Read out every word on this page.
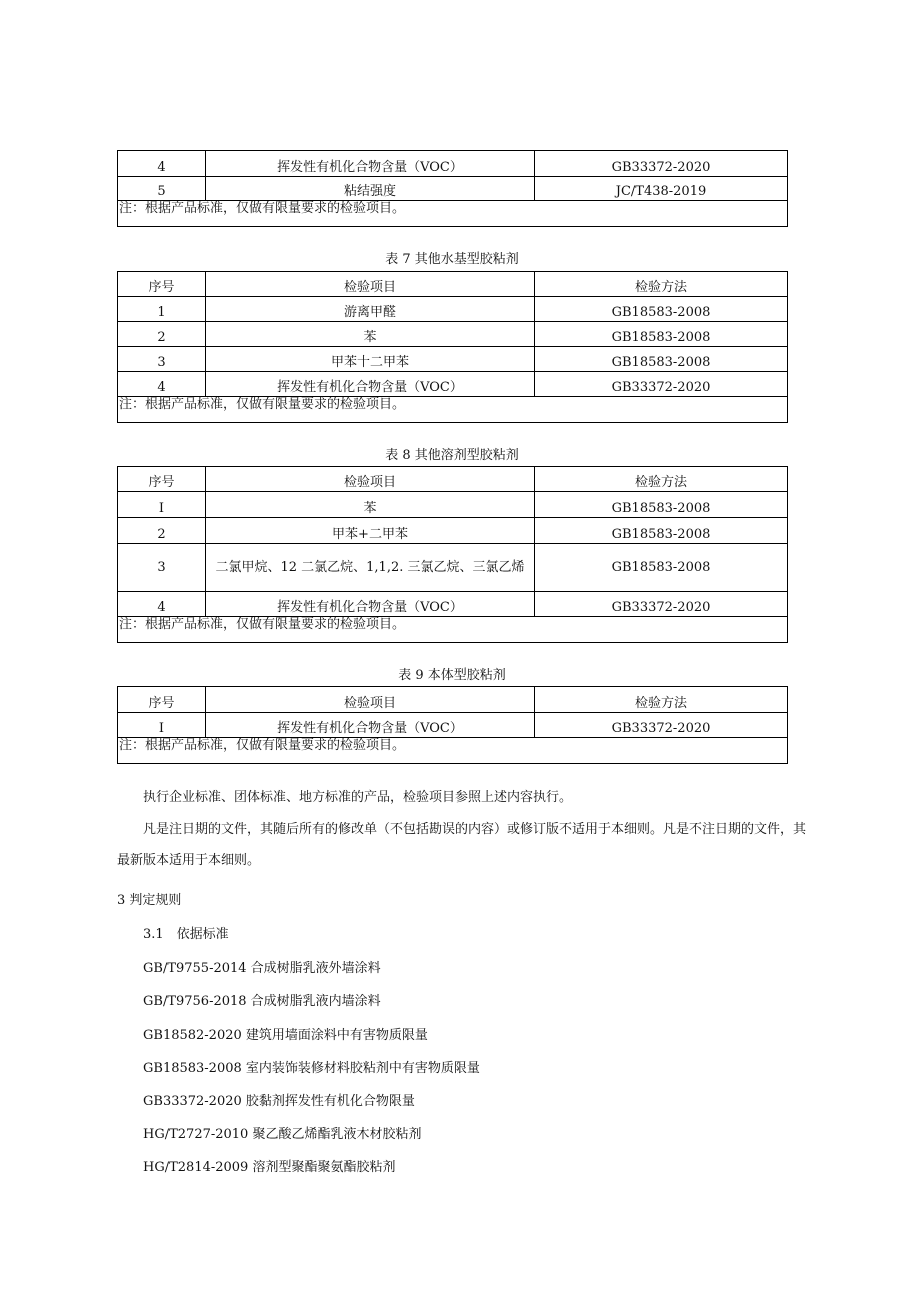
4	挥发性有机化合物含量（VOC）	GB33372-2020
5	粘结强度	JC/T438-2019
注：根据产品标准，仅做有限量要求的检验项目。		
表 7 其他水基型胶粘剂
序号	检验项目	检验方法
1	游离甲醛	GB18583-2008
2	苯	GB18583-2008
3	甲苯十二甲苯	GB18583-2008
4	挥发性有机化合物含量（VOC）	GB33372-2020
注：根据产品标准，仅做有限量要求的检验项目。		
表 8 其他溶剂型胶粘剂
序号	检验项目	检验方法
I	苯	GB18583-2008
2	甲苯+二甲苯	GB18583-2008
3	二氯甲烷、12 二氯乙烷、1,1,2. 三氯乙烷、三氯乙烯	GB18583-2008
4	挥发性有机化合物含量（VOC）	GB33372-2020
注：根据产品标准，仅做有限量要求的检验项目。		
表 9 本体型胶粘剂
序号	检验项目	检验方法
I	挥发性有机化合物含量（VOC）	GB33372-2020
注：根据产品标准，仅做有限量要求的检验项目。		

执行企业标准、团体标准、地方标准的产品，检验项目参照上述内容执行。

凡是注日期的文件，其随后所有的修改单（不包括勘误的内容）或修订版不适用于本细则。凡是不注日期的文件，其最新版本适用于本细则。

3 判定规则
3.1　依据标准
GB/T9755-2014 合成树脂乳液外墙涂料
GB/T9756-2018 合成树脂乳液内墙涂料
GB18582-2020 建筑用墙面涂料中有害物质限量
GB18583-2008 室内装饰装修材料胶粘剂中有害物质限量
GB33372-2020 胶黏剂挥发性有机化合物限量
HG/T2727-2010 聚乙酸乙烯酯乳液木材胶粘剂
HG/T2814-2009 溶剂型聚酯聚氨酯胶粘剂
